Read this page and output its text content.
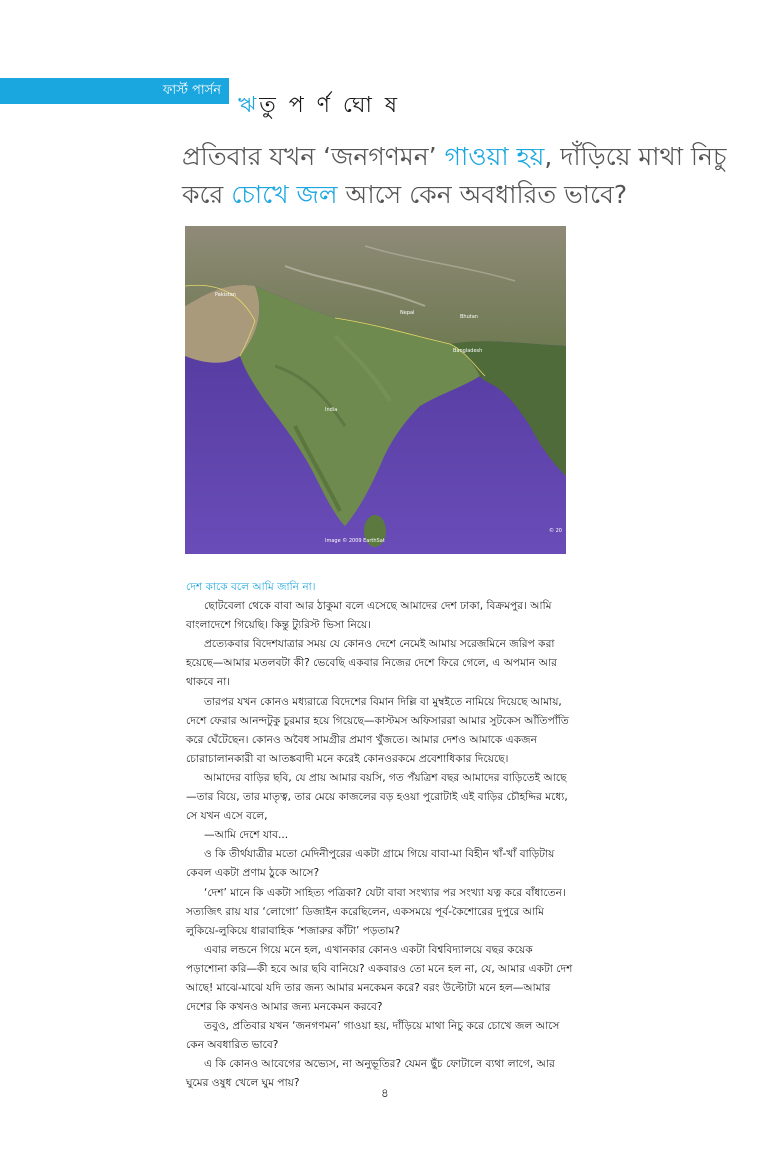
ফার্স্ট পার্সন
ঋতু প র্ণ ঘো ষ
প্রতিবার যখন ‘জনগণমন’ গাওয়া হয়, দাঁড়িয়ে মাথা নিচু করে চোখে জল আসে কেন অবধারিত ভাবে?
Nepal
Bhutan
Bangladesh
Pakistan
India
Image © 2009 EarthSat
© 20

দেশ কাকে বলে আমি জানি না।

ছোটবেলা থেকে বাবা আর ঠাকুমা বলে এসেছে আমাদের দেশ ঢাকা, বিক্রমপুর। আমি বাংলাদেশে গিয়েছি। কিন্তু ট্যুরিস্ট ভিসা নিয়ে।

প্রত্যেকবার বিদেশযাত্রার সময় যে কোনও দেশে নেমেই আমায় সরেজমিনে জরিপ করা হয়েছে—আমার মতলবটা কী? ভেবেছি একবার নিজের দেশে ফিরে গেলে, এ অপমান আর থাকবে না।

তারপর যখন কোনও মধ্যরাত্রে বিদেশের বিমান দিল্লি বা মুম্বইতে নামিয়ে দিয়েছে আমায়, দেশে ফেরার আনন্দটুকু চুরমার হয়ে গিয়েছে—কাস্টমস অফিসাররা আমার সুটকেস আঁতিপাঁতি করে ঘেঁটেছেন। কোনও অবৈধ সামগ্রীর প্রমাণ খুঁজতে। আমার দেশও আমাকে একজন চোরাচালানকারী বা আতঙ্কবাদী মনে করেই কোনওরকমে প্রবেশাধিকার দিয়েছে।

আমাদের বাড়ির ছবি, যে প্রায় আমার বয়সি, গত পঁয়ত্রিশ বছর আমাদের বাড়িতেই আছে—তার বিয়ে, তার মাতৃত্ব, তার মেয়ে কাজলের বড় হওয়া পুরোটাই এই বাড়ির চৌহদ্দির মধ্যে, সে যখন এসে বলে,

—আমি দেশে যাব...

ও কি তীর্থযাত্রীর মতো মেদিনীপুরের একটা গ্রামে গিয়ে বাবা-মা বিহীন খাঁ-খাঁ বাড়িটায় কেবল একটা প্রণাম ঠুকে আসে?

‘দেশ’ মানে কি একটা সাহিত্য পত্রিকা? যেটা বাবা সংখ্যার পর সংখ্যা যত্ন করে বাঁধাতেন। সত্যজিৎ রায় যার ‘লোগো’ ডিজাইন করেছিলেন, একসময়ে পূর্ব-কৈশোরের দুপুরে আমি লুকিয়ে-লুকিয়ে ধারাবাহিক ‘শজারুর কাঁটা’ পড়তাম?

এবার লন্ডনে গিয়ে মনে হল, এখানকার কোনও একটা বিশ্ববিদ্যালয়ে বছর কয়েক পড়াশোনা করি—কী হবে আর ছবি বানিয়ে? একবারও তো মনে হল না, যে, আমার একটা দেশ আছে! মাঝে-মাঝে যদি তার জন্য আমার মনকেমন করে? বরং উল্টোটা মনে হল—আমার দেশের কি কখনও আমার জন্য মনকেমন করবে?

তবুও, প্রতিবার যখন ‘জনগণমন’ গাওয়া হয়, দাঁড়িয়ে মাথা নিচু করে চোখে জল আসে কেন অবধারিত ভাবে?

এ কি কোনও আবেগের অভ্যেস, না অনুভূতির? যেমন ছুঁচ ফোটালে ব্যথা লাগে, আর ঘুমের ওষুধ খেলে ঘুম পায়?

৪
